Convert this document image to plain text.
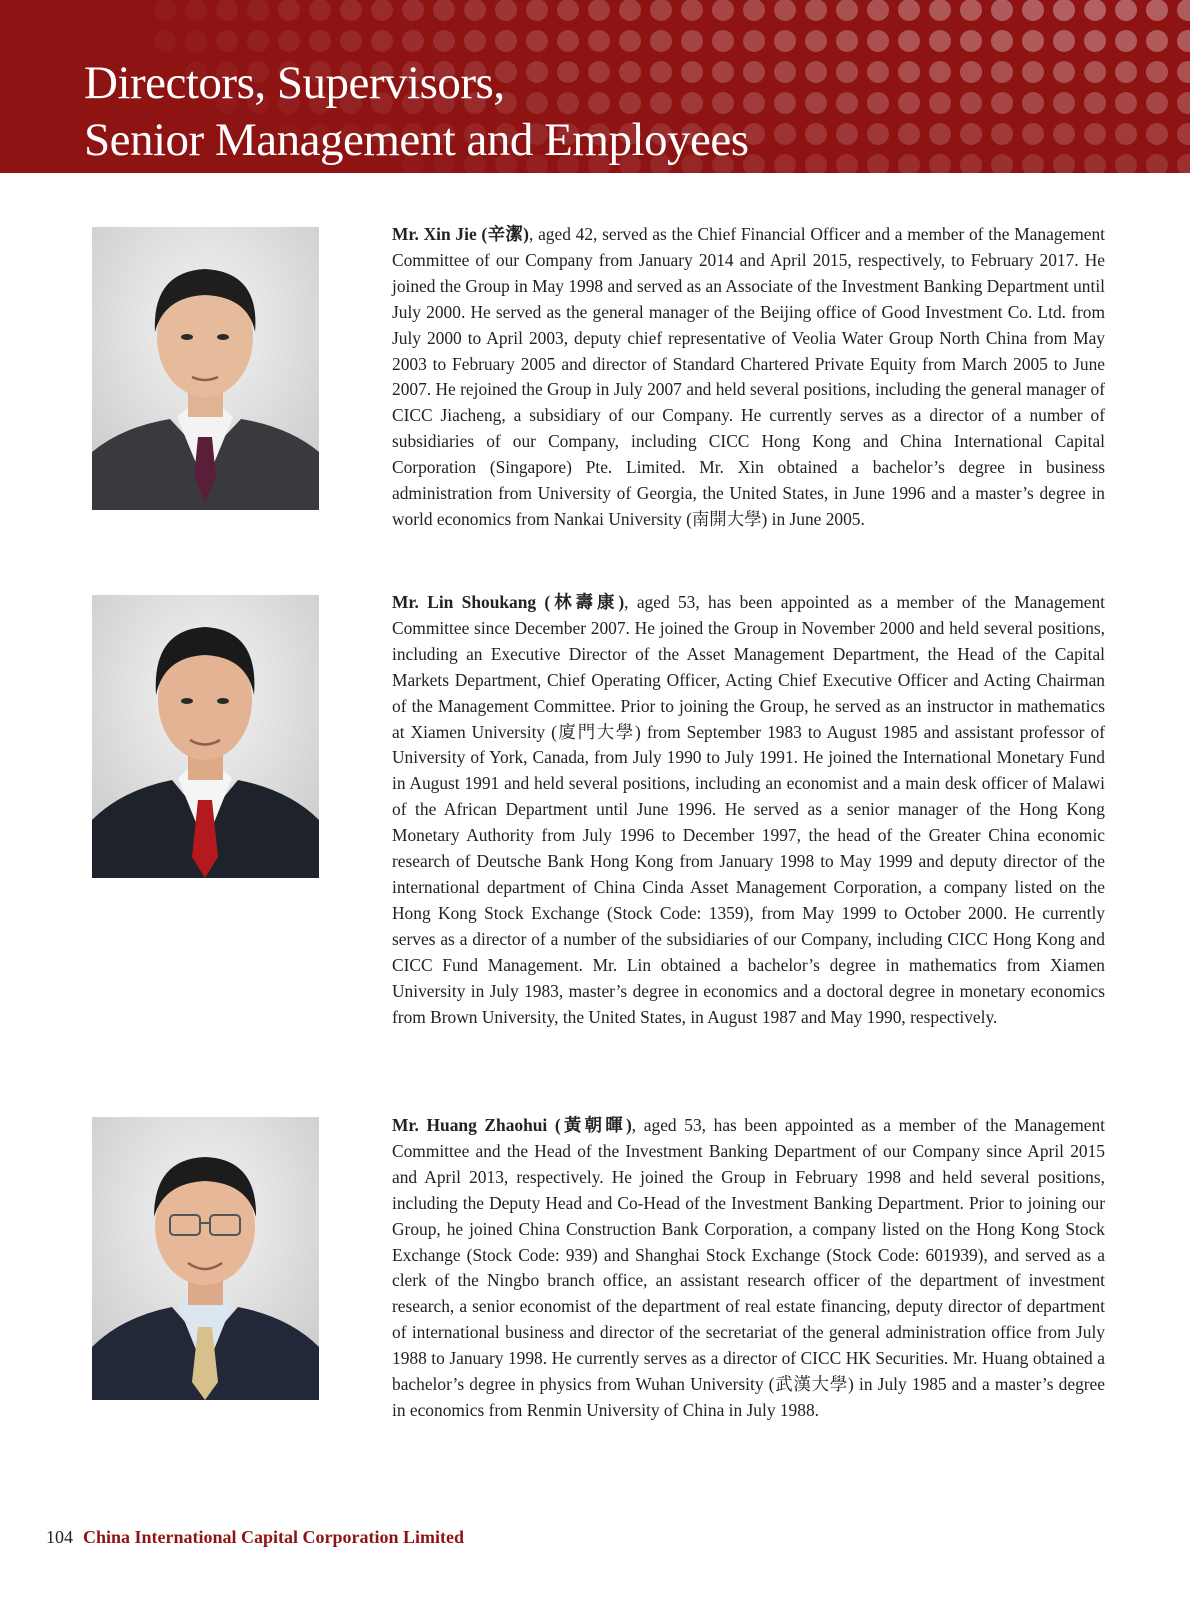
Directors, Supervisors,
Senior Management and Employees

Mr. Xin Jie (辛潔), aged 42, served as the Chief Financial Officer and a member of the Management Committee of our Company from January 2014 and April 2015, respectively, to February 2017. He joined the Group in May 1998 and served as an Associate of the Investment Banking Department until July 2000. He served as the general manager of the Beijing office of Good Investment Co. Ltd. from July 2000 to April 2003, deputy chief representative of Veolia Water Group North China from May 2003 to February 2005 and director of Standard Chartered Private Equity from March 2005 to June 2007. He rejoined the Group in July 2007 and held several positions, including the general manager of CICC Jiacheng, a subsidiary of our Company. He currently serves as a director of a number of subsidiaries of our Company, including CICC Hong Kong and China International Capital Corporation (Singapore) Pte. Limited. Mr. Xin obtained a bachelor’s degree in business administration from University of Georgia, the United States, in June 1996 and a master’s degree in world economics from Nankai University (南開大學) in June 2005.

Mr. Lin Shoukang (林壽康), aged 53, has been appointed as a member of the Management Committee since December 2007. He joined the Group in November 2000 and held several positions, including an Executive Director of the Asset Management Department, the Head of the Capital Markets Department, Chief Operating Officer, Acting Chief Executive Officer and Acting Chairman of the Management Committee. Prior to joining the Group, he served as an instructor in mathematics at Xiamen University (廈門大學) from September 1983 to August 1985 and assistant professor of University of York, Canada, from July 1990 to July 1991. He joined the International Monetary Fund in August 1991 and held several positions, including an economist and a main desk officer of Malawi of the African Department until June 1996. He served as a senior manager of the Hong Kong Monetary Authority from July 1996 to December 1997, the head of the Greater China economic research of Deutsche Bank Hong Kong from January 1998 to May 1999 and deputy director of the international department of China Cinda Asset Management Corporation, a company listed on the Hong Kong Stock Exchange (Stock Code: 1359), from May 1999 to October 2000. He currently serves as a director of a number of the subsidiaries of our Company, including CICC Hong Kong and CICC Fund Management. Mr. Lin obtained a bachelor’s degree in mathematics from Xiamen University in July 1983, master’s degree in economics and a doctoral degree in monetary economics from Brown University, the United States, in August 1987 and May 1990, respectively.

Mr. Huang Zhaohui (黃朝暉), aged 53, has been appointed as a member of the Management Committee and the Head of the Investment Banking Department of our Company since April 2015 and April 2013, respectively. He joined the Group in February 1998 and held several positions, including the Deputy Head and Co-Head of the Investment Banking Department. Prior to joining our Group, he joined China Construction Bank Corporation, a company listed on the Hong Kong Stock Exchange (Stock Code: 939) and Shanghai Stock Exchange (Stock Code: 601939), and served as a clerk of the Ningbo branch office, an assistant research officer of the department of investment research, a senior economist of the department of real estate financing, deputy director of department of international business and director of the secretariat of the general administration office from July 1988 to January 1998. He currently serves as a director of CICC HK Securities. Mr. Huang obtained a bachelor’s degree in physics from Wuhan University (武漢大學) in July 1985 and a master’s degree in economics from Renmin University of China in July 1988.

104 China International Capital Corporation Limited
